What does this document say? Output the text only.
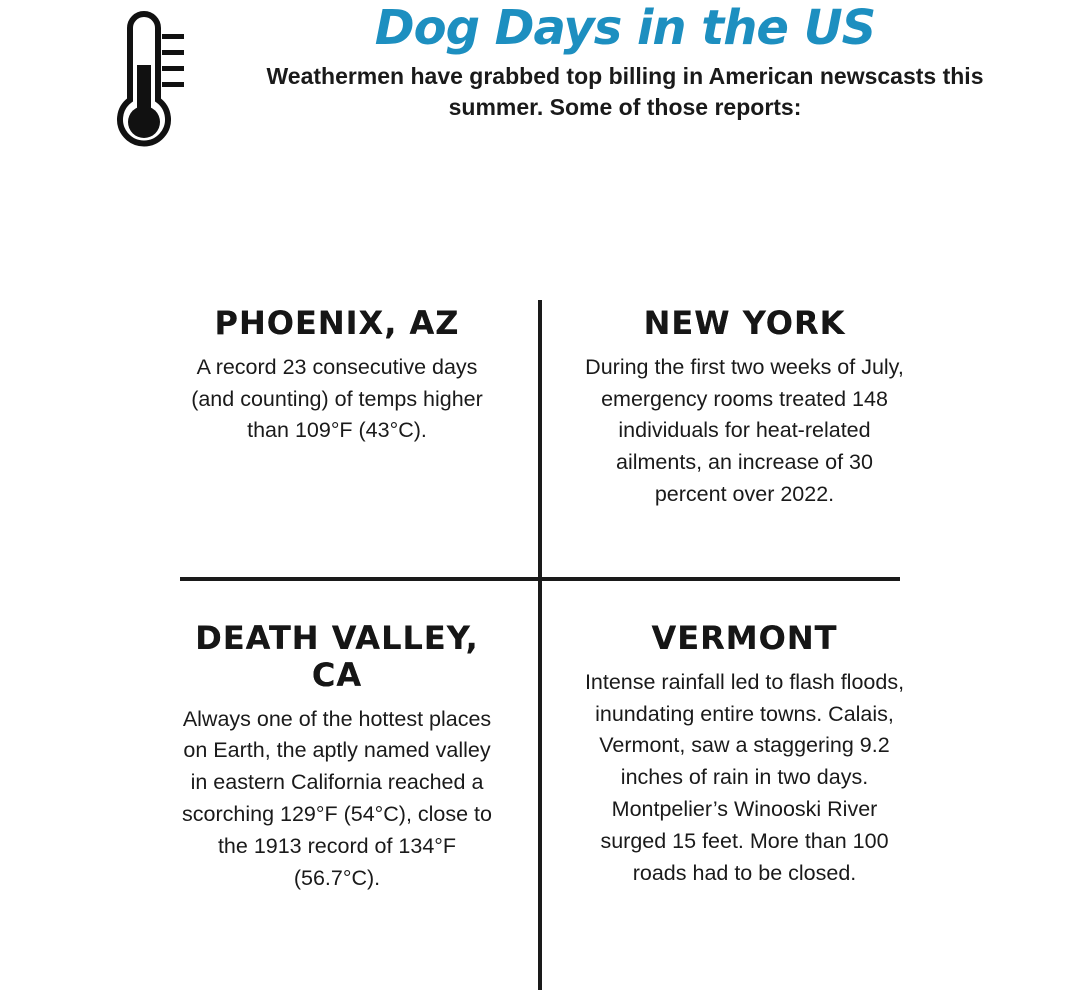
Dog Days in the US

Weathermen have grabbed top billing in American newscasts this summer. Some of those reports:

PHOENIX, AZ

A record 23 consecutive days (and counting) of temps higher than 109°F (43°C).

NEW YORK

During the first two weeks of July, emergency rooms treated 148 individuals for heat-related ailments, an increase of 30 percent over 2022.

DEATH VALLEY, CA

Always one of the hottest places on Earth, the aptly named valley in eastern California reached a scorching 129°F (54°C), close to the 1913 record of 134°F (56.7°C).

VERMONT

Intense rainfall led to flash floods, inundating entire towns. Calais, Vermont, saw a staggering 9.2 inches of rain in two days. Montpelier’s Winooski River surged 15 feet. More than 100 roads had to be closed.
